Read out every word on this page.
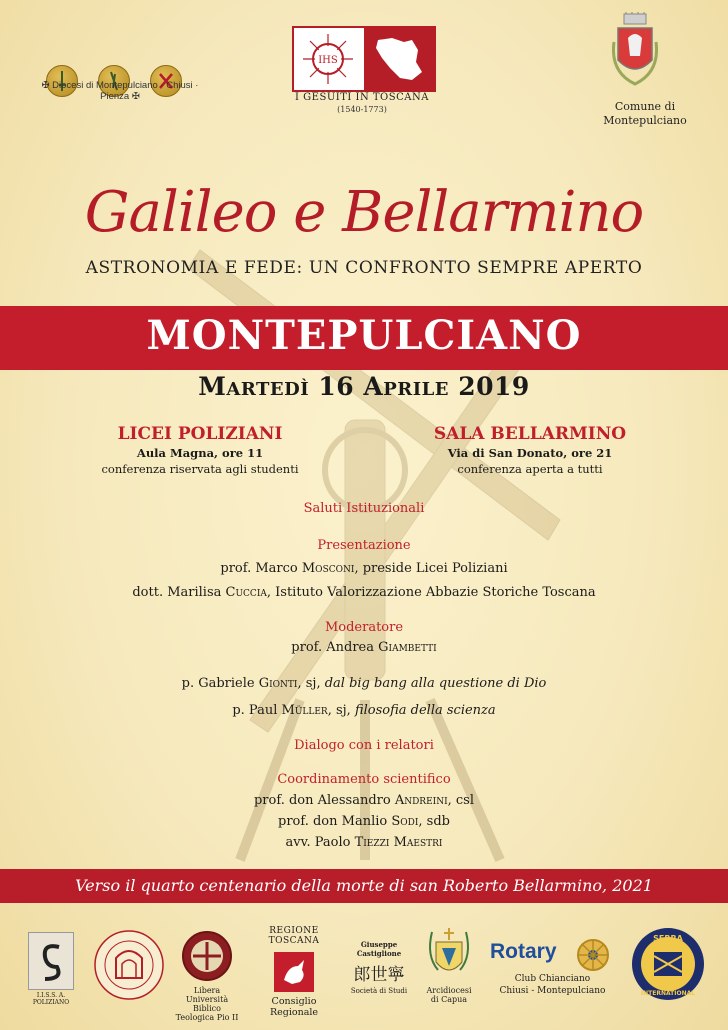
✠ Diocesi di Montepulciano · Chiusi · Pienza ✠
IHS
I GESUITI IN TOSCANA
(1540-1773)	Comune di
Montepulciano
Galileo e Bellarmino
ASTRONOMIA E FEDE: UN CONFRONTO SEMPRE APERTO
MONTEPULCIANO
Martedì 16 Aprile 2019
LICEI POLIZIANI
Aula Magna, ore 11
conferenza riservata agli studenti
SALA BELLARMINO
Via di San Donato, ore 21
conferenza aperta a tutti
Saluti Istituzionali
Presentazione
prof. Marco Mosconi, preside Licei Poliziani
dott. Marilisa Cuccia, Istituto Valorizzazione Abbazie Storiche Toscana
Moderatore
prof. Andrea Giambetti
p. Gabriele Gionti, sj, dal big bang alla questione di Dio
p. Paul Müller, sj, filosofia della scienza
Dialogo con i relatori
Coordinamento scientifico
prof. don Alessandro Andreini, csl
prof. don Manlio Sodi, sdb
avv. Paolo Tiezzi Maestri
Verso il quarto centenario della morte di san Roberto Bellarmino, 2021
I.I.S.S. A. POLIZIANO
Libera Università Biblico
Teologica Pio II
REGIONE TOSCANA
Consiglio Regionale
Giuseppe Castiglione
郎世寧
Società di Studi	Arcidiocesi
di Capua
Rotary
Club Chianciano
Chiusi - Montepulciano
SERRA
INTERNATIONAL
